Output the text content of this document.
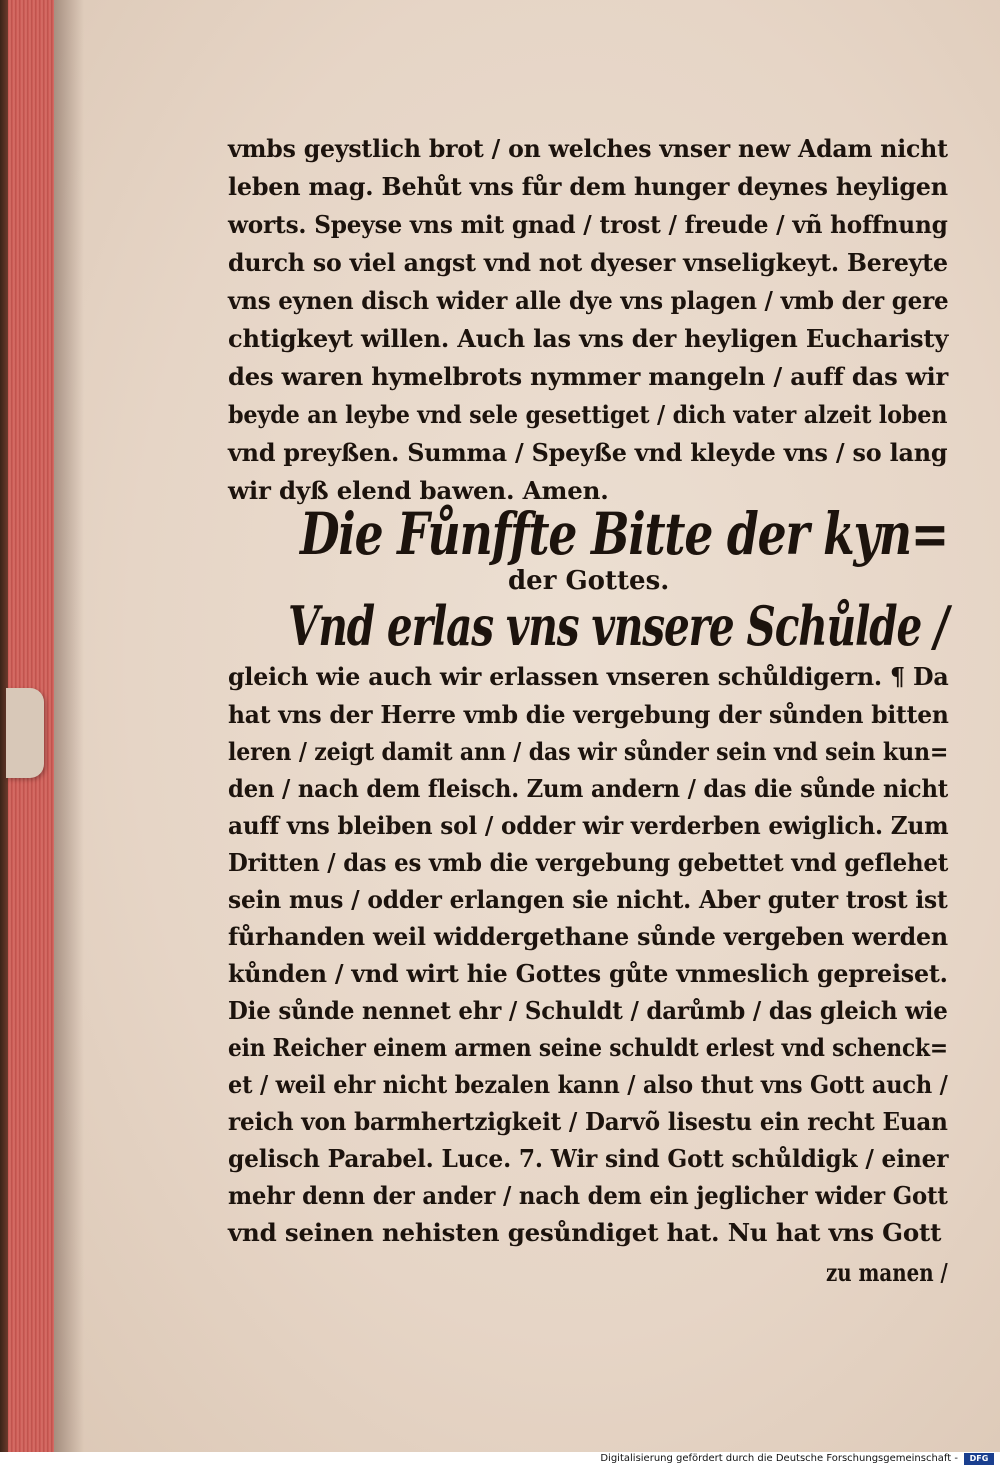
vmbs geystlich brot / on welches vnser new Adam nicht

leben mag. Behůt vns fůr dem hunger deynes heyligen

worts. Speyse vns mit gnad / trost / freude / vñ hoffnung

durch so viel angst vnd not dyeser vnseligkeyt. Bereyte

vns eynen disch wider alle dye vns plagen / vmb der gere

chtigkeyt willen. Auch las vns der heyligen Eucharisty

des waren hymelbrots nymmer mangeln / auff das wir

beyde an leybe vnd sele gesettiget / dich vater alzeit loben

vnd preyßen. Summa / Speyße vnd kleyde vns / so lang

wir dyß elend bawen. Amen.

Die Fůnffte Bitte der kyn=

der Gottes.

Vnd erlas vns vnsere Schůlde /

gleich wie auch wir erlassen vnseren schůldigern. ¶ Da

hat vns der Herre vmb die vergebung der sůnden bitten

leren / zeigt damit ann / das wir sůnder sein vnd sein kun=

den / nach dem fleisch. Zum andern / das die sůnde nicht

auff vns bleiben sol / odder wir verderben ewiglich. Zum

Dritten / das es vmb die vergebung gebettet vnd geflehet

sein mus / odder erlangen sie nicht. Aber guter trost ist

fůrhanden weil widdergethane sůnde vergeben werden

kůnden / vnd wirt hie Gottes gůte vnmeslich gepreiset.

Die sůnde nennet ehr / Schuldt / darůmb / das gleich wie

ein Reicher einem armen seine schuldt erlest vnd schenck=

et / weil ehr nicht bezalen kann / also thut vns Gott auch /

reich von barmhertzigkeit / Darvõ lisestu ein recht Euan

gelisch Parabel. Luce. 7. Wir sind Gott schůldigk / einer

mehr denn der ander / nach dem ein jeglicher wider Gott

vnd seinen nehisten gesůndiget hat. Nu hat vns Gott

zu manen /

Digitalisierung gefördert durch die Deutsche Forschungsgemeinschaft -	DFG
